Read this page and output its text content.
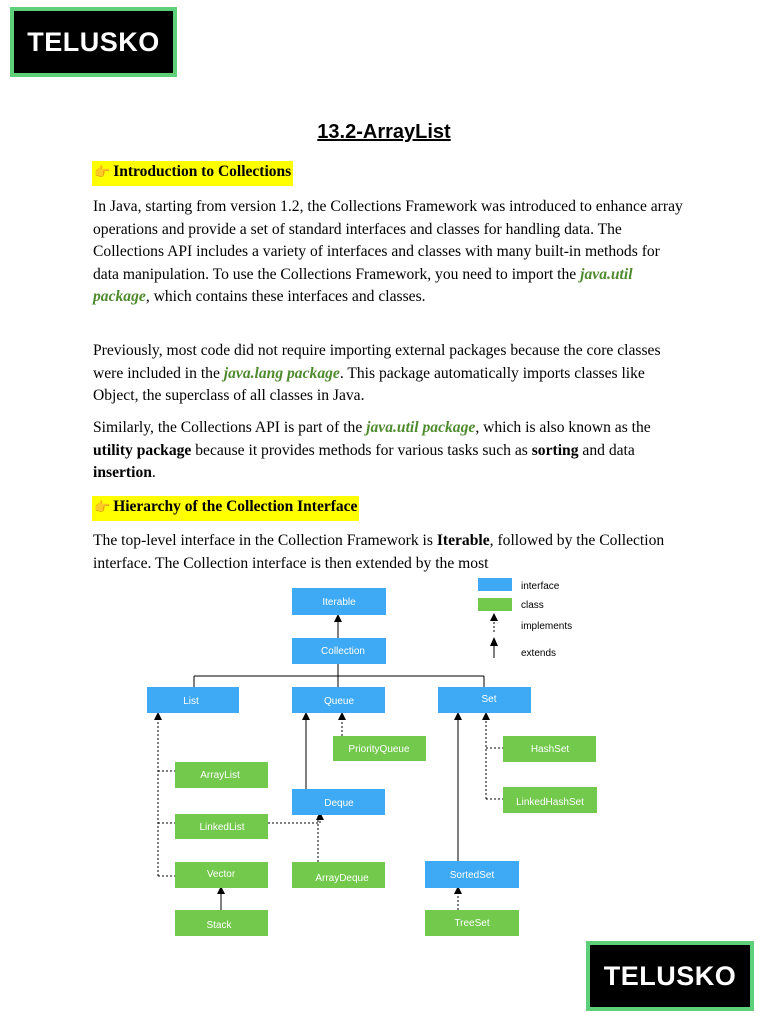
TELUSKO
13.2-ArrayList
👉 Introduction to Collections

In Java, starting from version 1.2, the Collections Framework was introduced to enhance array operations and provide a set of standard interfaces and classes for handling data. The Collections API includes a variety of interfaces and classes with many built-in methods for data manipulation. To use the Collections Framework, you need to import the java.util package, which contains these interfaces and classes.

Previously, most code did not require importing external packages because the core classes were included in the java.lang package. This package automatically imports classes like Object, the superclass of all classes in Java.

Similarly, the Collections API is part of the java.util package, which is also known as the utility package because it provides methods for various tasks such as sorting and data insertion.

👉 Hierarchy of the Collection Interface

The top-level interface in the Collection Framework is Iterable, followed by the Collection interface. The Collection interface is then extended by the most

interface
class
implements
extends
Iterable
Collection
List	Queue	Set
Deque
SortedSet
PriorityQueue
ArrayList
LinkedList
Vector
Stack
ArrayDeque
HashSet
LinkedHashSet
TreeSet
TELUSKO
